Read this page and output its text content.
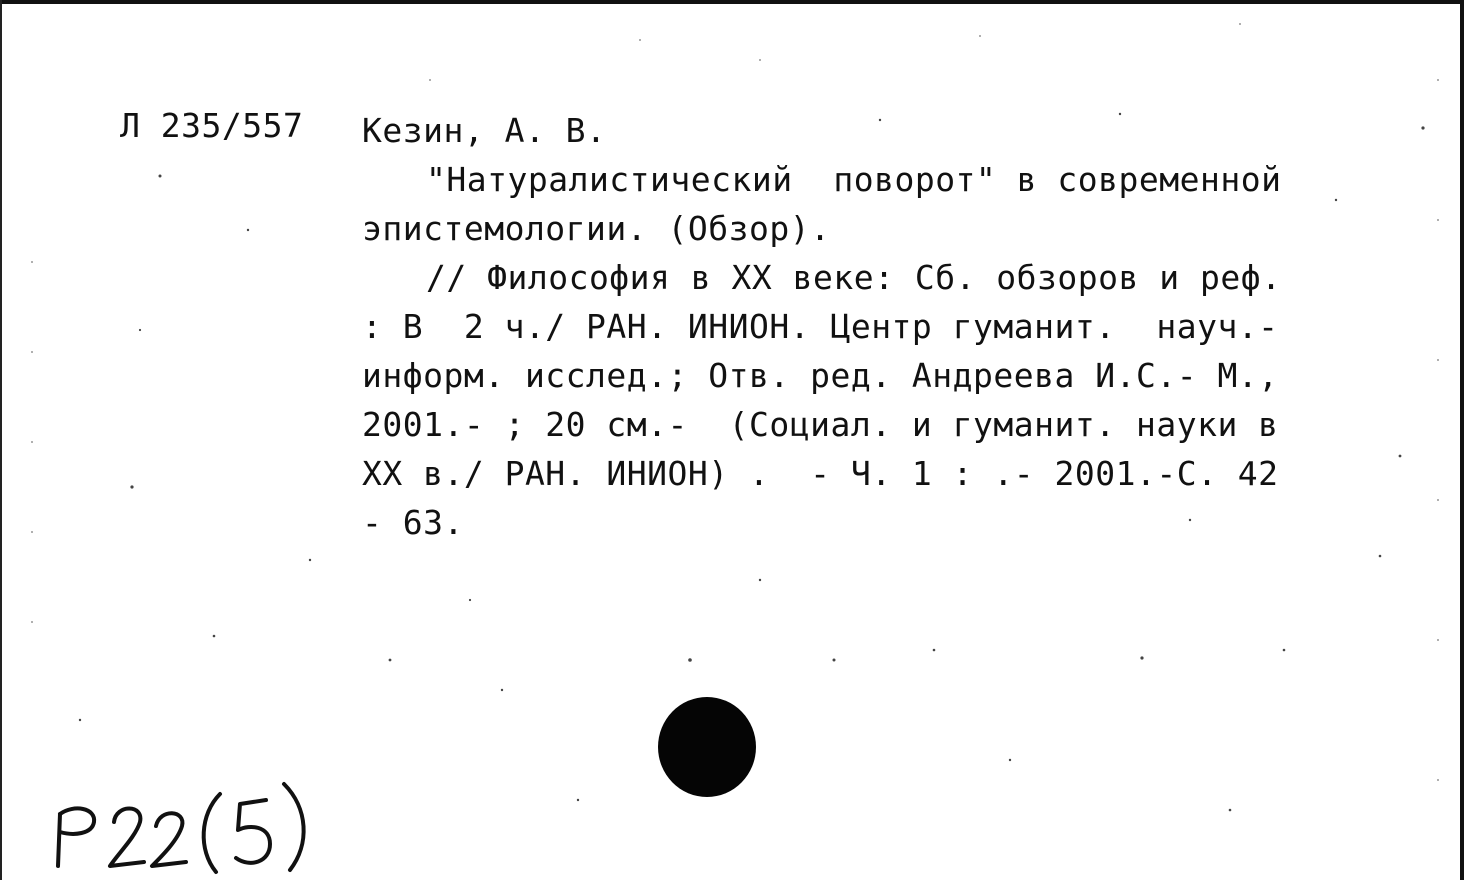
Л 235/557 Кезин, А. В.
"Натуралистический  поворот" в современной
эпистемологии. (Обзор).
// Философия в XX веке: Сб. обзоров и реф.
: В  2 ч./ РАН. ИНИОН. Центр гуманит.  науч.-
информ. исслед.; Отв. ред. Андреева И.С.- М.,
2001.- ; 20 см.-  (Социал. и гуманит. науки в
XX в./ РАН. ИНИОН) .  - Ч. 1 : .- 2001.-С. 42
- 63.
